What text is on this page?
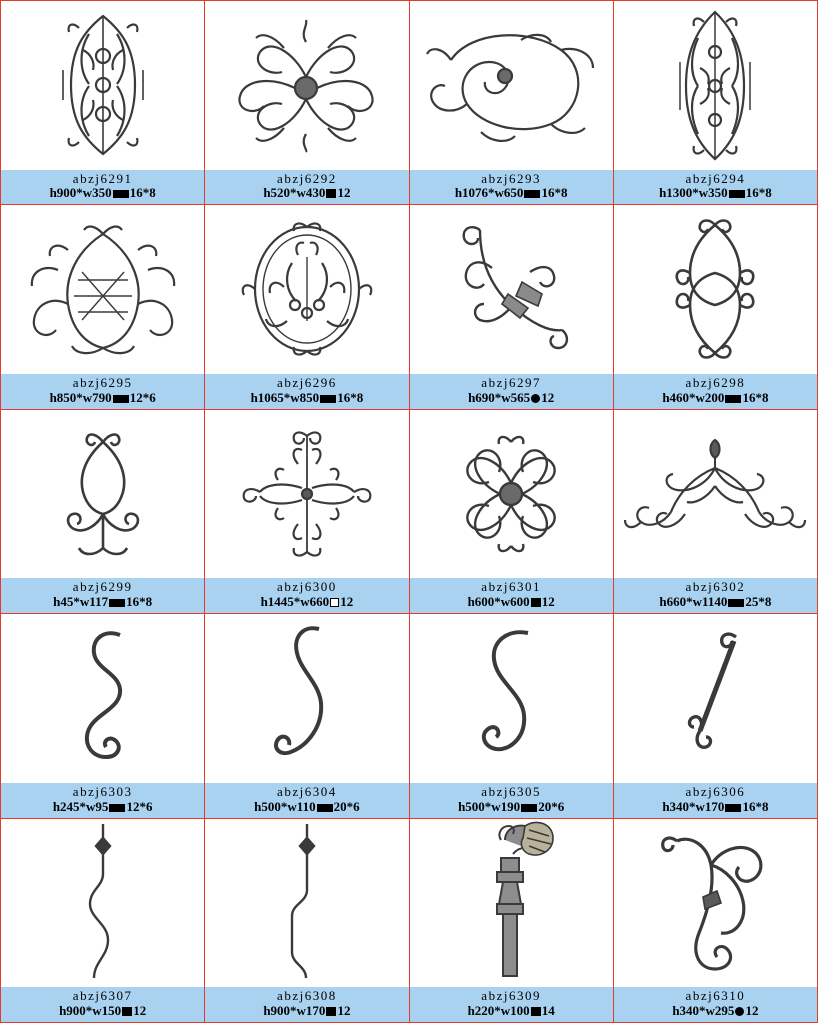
abzj6291
h900*w350 16*8
abzj6292
h520*w430 12
abzj6293
h1076*w650 16*8
abzj6294
h1300*w350 16*8
abzj6295
h850*w790 12*6
abzj6296
h1065*w850 16*8
abzj6297
h690*w565 12
abzj6298
h460*w200 16*8
abzj6299
h45*w117 16*8
abzj6300
h1445*w660 12
abzj6301
h600*w600 12
abzj6302
h660*w1140 25*8
abzj6303
h245*w95 12*6
abzj6304
h500*w110 20*6
abzj6305
h500*w190 20*6
abzj6306
h340*w170 16*8
abzj6307
h900*w150 12
abzj6308
h900*w170 12
abzj6309
h220*w100 14
abzj6310
h340*w295 12
